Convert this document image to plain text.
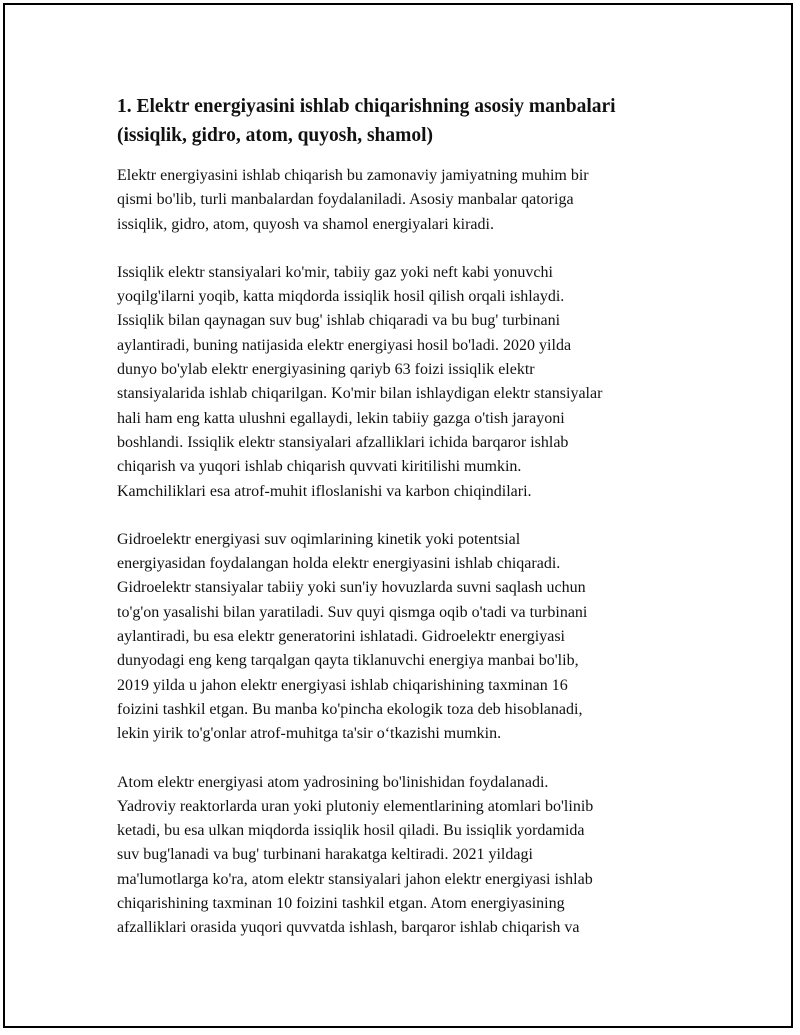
1. Elektr energiyasini ishlab chiqarishning asosiy manbalari
(issiqlik, gidro, atom, quyosh, shamol)

Elektr energiyasini ishlab chiqarish bu zamonaviy jamiyatning muhim bir
qismi bo'lib, turli manbalardan foydalaniladi. Asosiy manbalar qatoriga
issiqlik, gidro, atom, quyosh va shamol energiyalari kiradi.

Issiqlik elektr stansiyalari ko'mir, tabiiy gaz yoki neft kabi yonuvchi
yoqilg'ilarni yoqib, katta miqdorda issiqlik hosil qilish orqali ishlaydi.
Issiqlik bilan qaynagan suv bug' ishlab chiqaradi va bu bug' turbinani
aylantiradi, buning natijasida elektr energiyasi hosil bo'ladi. 2020 yilda
dunyo bo'ylab elektr energiyasining qariyb 63 foizi issiqlik elektr
stansiyalarida ishlab chiqarilgan. Ko'mir bilan ishlaydigan elektr stansiyalar
hali ham eng katta ulushni egallaydi, lekin tabiiy gazga o'tish jarayoni
boshlandi. Issiqlik elektr stansiyalari afzalliklari ichida barqaror ishlab
chiqarish va yuqori ishlab chiqarish quvvati kiritilishi mumkin.
Kamchiliklari esa atrof-muhit ifloslanishi va karbon chiqindilari.

Gidroelektr energiyasi suv oqimlarining kinetik yoki potentsial
energiyasidan foydalangan holda elektr energiyasini ishlab chiqaradi.
Gidroelektr stansiyalar tabiiy yoki sun'iy hovuzlarda suvni saqlash uchun
to'g'on yasalishi bilan yaratiladi. Suv quyi qismga oqib o'tadi va turbinani
aylantiradi, bu esa elektr generatorini ishlatadi. Gidroelektr energiyasi
dunyodagi eng keng tarqalgan qayta tiklanuvchi energiya manbai bo'lib,
2019 yilda u jahon elektr energiyasi ishlab chiqarishining taxminan 16
foizini tashkil etgan. Bu manba ko'pincha ekologik toza deb hisoblanadi,
lekin yirik to'g'onlar atrof-muhitga ta'sir o‘tkazishi mumkin.

Atom elektr energiyasi atom yadrosining bo'linishidan foydalanadi.
Yadroviy reaktorlarda uran yoki plutoniy elementlarining atomlari bo'linib
ketadi, bu esa ulkan miqdorda issiqlik hosil qiladi. Bu issiqlik yordamida
suv bug'lanadi va bug' turbinani harakatga keltiradi. 2021 yildagi
ma'lumotlarga ko'ra, atom elektr stansiyalari jahon elektr energiyasi ishlab
chiqarishining taxminan 10 foizini tashkil etgan. Atom energiyasining
afzalliklari orasida yuqori quvvatda ishlash, barqaror ishlab chiqarish va
